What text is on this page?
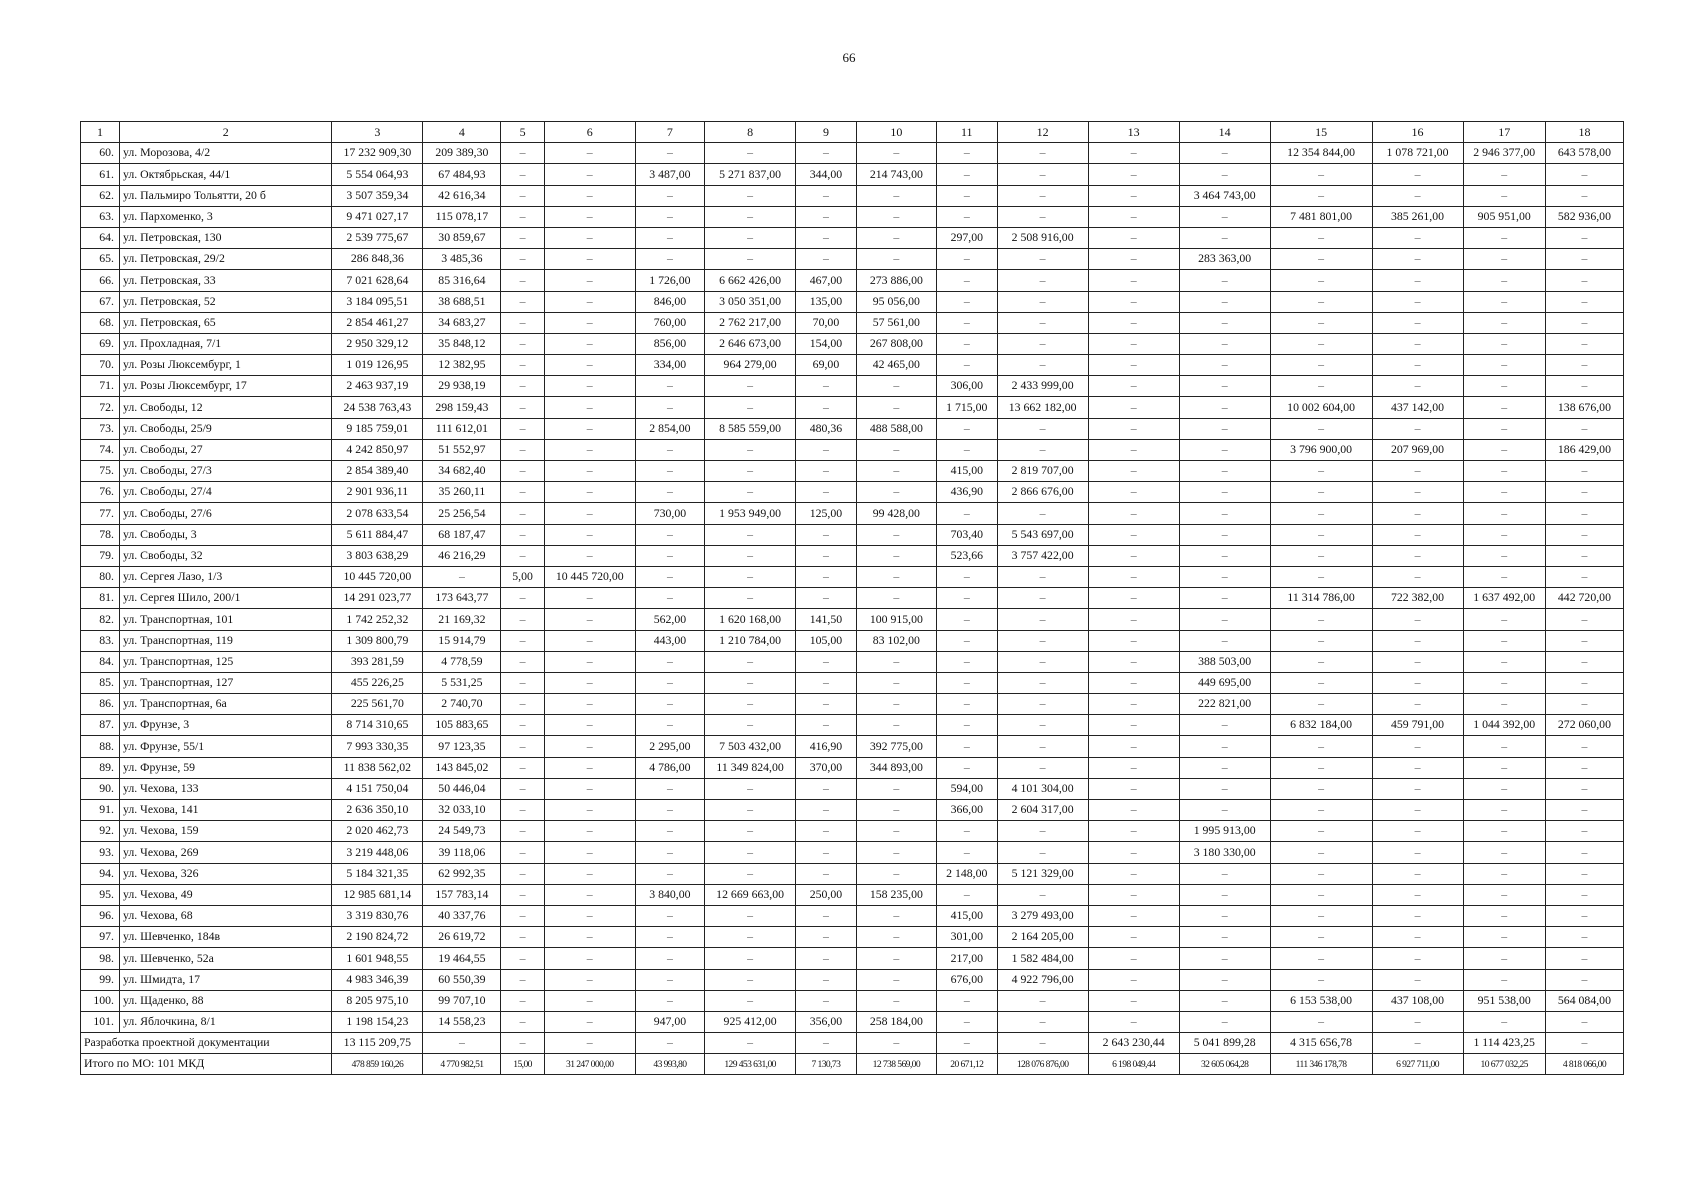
66
1	2	3	4	5	6	7	8	9	10	11	12	13	14	15	16	17	18
60.	ул. Морозова, 4/2	17 232 909,30	209 389,30	–	–	–	–	–	–	–	–	–	–	12 354 844,00	1 078 721,00	2 946 377,00	643 578,00
61.	ул. Октябрьская, 44/1	5 554 064,93	67 484,93	–	–	3 487,00	5 271 837,00	344,00	214 743,00	–	–	–	–	–	–	–	–
62.	ул. Пальмиро Тольятти, 20 б	3 507 359,34	42 616,34	–	–	–	–	–	–	–	–	–	3 464 743,00	–	–	–	–
63.	ул. Пархоменко, 3	9 471 027,17	115 078,17	–	–	–	–	–	–	–	–	–	–	7 481 801,00	385 261,00	905 951,00	582 936,00
64.	ул. Петровская, 130	2 539 775,67	30 859,67	–	–	–	–	–	–	297,00	2 508 916,00	–	–	–	–	–	–
65.	ул. Петровская, 29/2	286 848,36	3 485,36	–	–	–	–	–	–	–	–	–	283 363,00	–	–	–	–
66.	ул. Петровская, 33	7 021 628,64	85 316,64	–	–	1 726,00	6 662 426,00	467,00	273 886,00	–	–	–	–	–	–	–	–
67.	ул. Петровская, 52	3 184 095,51	38 688,51	–	–	846,00	3 050 351,00	135,00	95 056,00	–	–	–	–	–	–	–	–
68.	ул. Петровская, 65	2 854 461,27	34 683,27	–	–	760,00	2 762 217,00	70,00	57 561,00	–	–	–	–	–	–	–	–
69.	ул. Прохладная, 7/1	2 950 329,12	35 848,12	–	–	856,00	2 646 673,00	154,00	267 808,00	–	–	–	–	–	–	–	–
70.	ул. Розы Люксембург, 1	1 019 126,95	12 382,95	–	–	334,00	964 279,00	69,00	42 465,00	–	–	–	–	–	–	–	–
71.	ул. Розы Люксембург, 17	2 463 937,19	29 938,19	–	–	–	–	–	–	306,00	2 433 999,00	–	–	–	–	–	–
72.	ул. Свободы, 12	24 538 763,43	298 159,43	–	–	–	–	–	–	1 715,00	13 662 182,00	–	–	10 002 604,00	437 142,00	–	138 676,00
73.	ул. Свободы, 25/9	9 185 759,01	111 612,01	–	–	2 854,00	8 585 559,00	480,36	488 588,00	–	–	–	–	–	–	–	–
74.	ул. Свободы, 27	4 242 850,97	51 552,97	–	–	–	–	–	–	–	–	–	–	3 796 900,00	207 969,00	–	186 429,00
75.	ул. Свободы, 27/3	2 854 389,40	34 682,40	–	–	–	–	–	–	415,00	2 819 707,00	–	–	–	–	–	–
76.	ул. Свободы, 27/4	2 901 936,11	35 260,11	–	–	–	–	–	–	436,90	2 866 676,00	–	–	–	–	–	–
77.	ул. Свободы, 27/6	2 078 633,54	25 256,54	–	–	730,00	1 953 949,00	125,00	99 428,00	–	–	–	–	–	–	–	–
78.	ул. Свободы, 3	5 611 884,47	68 187,47	–	–	–	–	–	–	703,40	5 543 697,00	–	–	–	–	–	–
79.	ул. Свободы, 32	3 803 638,29	46 216,29	–	–	–	–	–	–	523,66	3 757 422,00	–	–	–	–	–	–
80.	ул. Сергея Лазо, 1/3	10 445 720,00	–	5,00	10 445 720,00	–	–	–	–	–	–	–	–	–	–	–	–
81.	ул. Сергея Шило, 200/1	14 291 023,77	173 643,77	–	–	–	–	–	–	–	–	–	–	11 314 786,00	722 382,00	1 637 492,00	442 720,00
82.	ул. Транспортная, 101	1 742 252,32	21 169,32	–	–	562,00	1 620 168,00	141,50	100 915,00	–	–	–	–	–	–	–	–
83.	ул. Транспортная, 119	1 309 800,79	15 914,79	–	–	443,00	1 210 784,00	105,00	83 102,00	–	–	–	–	–	–	–	–
84.	ул. Транспортная, 125	393 281,59	4 778,59	–	–	–	–	–	–	–	–	–	388 503,00	–	–	–	–
85.	ул. Транспортная, 127	455 226,25	5 531,25	–	–	–	–	–	–	–	–	–	449 695,00	–	–	–	–
86.	ул. Транспортная, 6а	225 561,70	2 740,70	–	–	–	–	–	–	–	–	–	222 821,00	–	–	–	–
87.	ул. Фрунзе, 3	8 714 310,65	105 883,65	–	–	–	–	–	–	–	–	–	–	6 832 184,00	459 791,00	1 044 392,00	272 060,00
88.	ул. Фрунзе, 55/1	7 993 330,35	97 123,35	–	–	2 295,00	7 503 432,00	416,90	392 775,00	–	–	–	–	–	–	–	–
89.	ул. Фрунзе, 59	11 838 562,02	143 845,02	–	–	4 786,00	11 349 824,00	370,00	344 893,00	–	–	–	–	–	–	–	–
90.	ул. Чехова, 133	4 151 750,04	50 446,04	–	–	–	–	–	–	594,00	4 101 304,00	–	–	–	–	–	–
91.	ул. Чехова, 141	2 636 350,10	32 033,10	–	–	–	–	–	–	366,00	2 604 317,00	–	–	–	–	–	–
92.	ул. Чехова, 159	2 020 462,73	24 549,73	–	–	–	–	–	–	–	–	–	1 995 913,00	–	–	–	–
93.	ул. Чехова, 269	3 219 448,06	39 118,06	–	–	–	–	–	–	–	–	–	3 180 330,00	–	–	–	–
94.	ул. Чехова, 326	5 184 321,35	62 992,35	–	–	–	–	–	–	2 148,00	5 121 329,00	–	–	–	–	–	–
95.	ул. Чехова, 49	12 985 681,14	157 783,14	–	–	3 840,00	12 669 663,00	250,00	158 235,00	–	–	–	–	–	–	–	–
96.	ул. Чехова, 68	3 319 830,76	40 337,76	–	–	–	–	–	–	415,00	3 279 493,00	–	–	–	–	–	–
97.	ул. Шевченко, 184в	2 190 824,72	26 619,72	–	–	–	–	–	–	301,00	2 164 205,00	–	–	–	–	–	–
98.	ул. Шевченко, 52а	1 601 948,55	19 464,55	–	–	–	–	–	–	217,00	1 582 484,00	–	–	–	–	–	–
99.	ул. Шмидта, 17	4 983 346,39	60 550,39	–	–	–	–	–	–	676,00	4 922 796,00	–	–	–	–	–	–
100.	ул. Щаденко, 88	8 205 975,10	99 707,10	–	–	–	–	–	–	–	–	–	–	6 153 538,00	437 108,00	951 538,00	564 084,00
101.	ул. Яблочкина, 8/1	1 198 154,23	14 558,23	–	–	947,00	925 412,00	356,00	258 184,00	–	–	–	–	–	–	–	–
Разработка проектной документации		13 115 209,75	–	–	–	–	–	–	–	–	–	2 643 230,44	5 041 899,28	4 315 656,78	–	1 114 423,25	–
Итого по МО: 101 МКД		478 859 160,26	4 770 982,51	15,00	31 247 000,00	43 993,80	129 453 631,00	7 130,73	12 738 569,00	20 671,12	128 076 876,00	6 198 049,44	32 605 064,28	111 346 178,78	6 927 711,00	10 677 032,25	4 818 066,00
